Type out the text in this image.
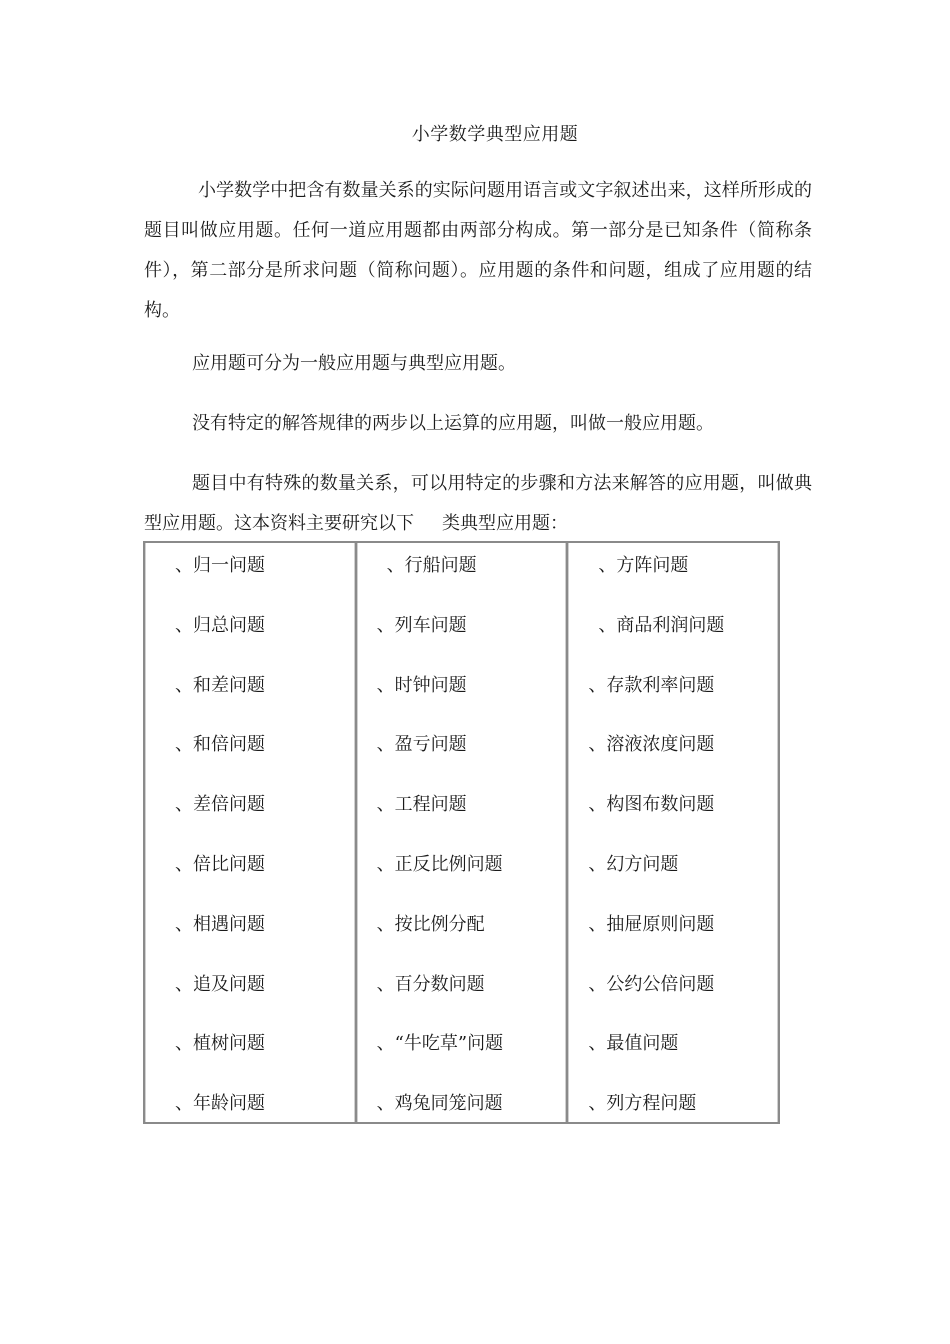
小学数学典型应用题
小学数学中把含有数量关系的实际问题用语言或文字叙述出来，这样所形成的题目叫做应用题。任何一道应用题都由两部分构成。第一部分是已知条件（简称条件），第二部分是所求问题（简称问题）。应用题的条件和问题，组成了应用题的结构。
应用题可分为一般应用题与典型应用题。
没有特定的解答规律的两步以上运算的应用题，叫做一般应用题。
题目中有特殊的数量关系，可以用特定的步骤和方法来解答的应用题，叫做典型应用题。这本资料主要研究以下 类典型应用题：
、归一问题
、归总问题
、和差问题
、和倍问题
、差倍问题
、倍比问题
、相遇问题
、追及问题
、植树问题
、年龄问题
、行船问题
、列车问题
、时钟问题
、盈亏问题
、工程问题
、正反比例问题
、按比例分配
、百分数问题
、“牛吃草”问题
、鸡兔同笼问题
、方阵问题
、商品利润问题
、存款利率问题
、溶液浓度问题
、构图布数问题
、幻方问题
、抽屉原则问题
、公约公倍问题
、最值问题
、列方程问题
